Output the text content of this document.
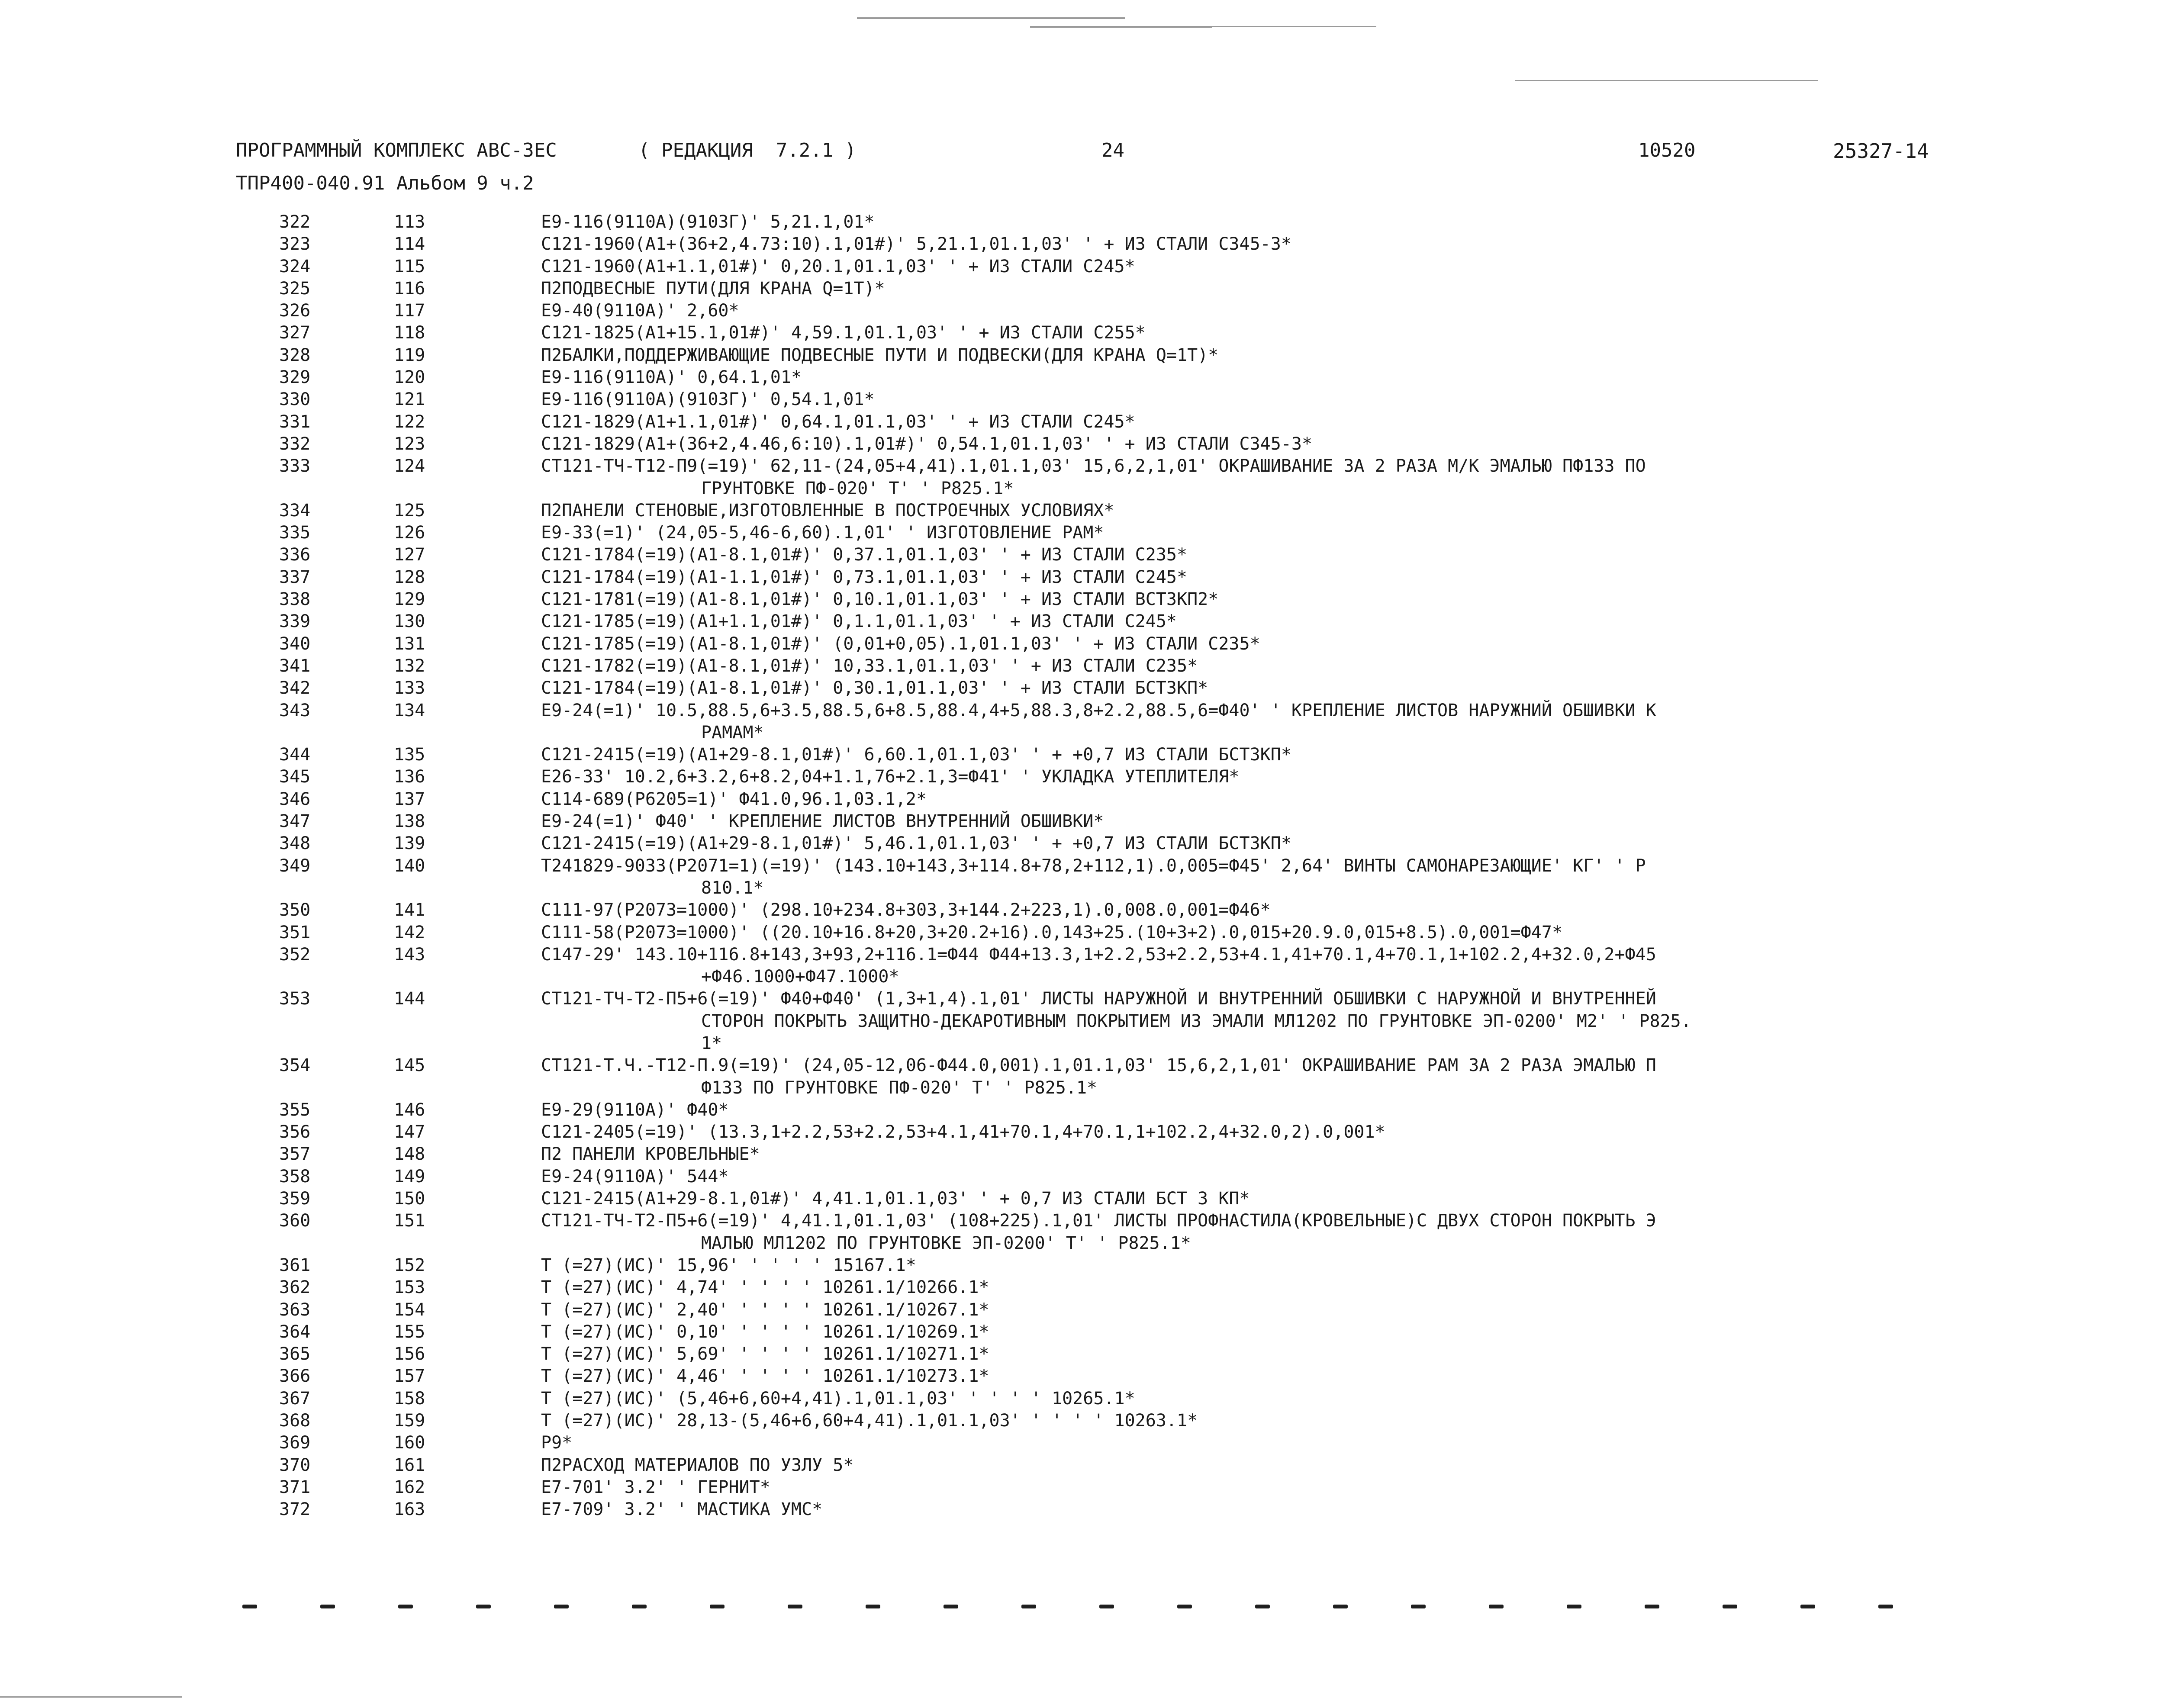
ПРОГРАММНЫЙ КОМПЛЕКС АВС-3ЕС	( РЕДАКЦИЯ  7.2.1 )	24	10520	25327-14
ТПР400-040.91 Альбом 9 ч.2
322	113	Е9-116(9110А)(9103Г)' 5,21.1,01*
323	114	С121-1960(А1+(36+2,4.73:10).1,01#)' 5,21.1,01.1,03' ' + ИЗ СТАЛИ С345-3*
324	115	С121-1960(А1+1.1,01#)' 0,20.1,01.1,03' ' + ИЗ СТАЛИ С245*
325	116	П2ПОДВЕСНЫЕ ПУТИ(ДЛЯ КРАНА Q=1Т)*
326	117	Е9-40(9110А)' 2,60*
327	118	С121-1825(А1+15.1,01#)' 4,59.1,01.1,03' ' + ИЗ СТАЛИ С255*
328	119	П2БАЛКИ,ПОДДЕРЖИВАЮЩИЕ ПОДВЕСНЫЕ ПУТИ И ПОДВЕСКИ(ДЛЯ КРАНА Q=1Т)*
329	120	Е9-116(9110А)' 0,64.1,01*
330	121	Е9-116(9110А)(9103Г)' 0,54.1,01*
331	122	С121-1829(А1+1.1,01#)' 0,64.1,01.1,03' ' + ИЗ СТАЛИ С245*
332	123	С121-1829(А1+(36+2,4.46,6:10).1,01#)' 0,54.1,01.1,03' ' + ИЗ СТАЛИ С345-3*
333	124	СТ121-ТЧ-Т12-П9(=19)' 62,11-(24,05+4,41).1,01.1,03' 15,6,2,1,01' ОКРАШИВАНИЕ ЗА 2 РАЗА М/К ЭМАЛЬЮ ПФ133 ПО
ГРУНТОВКЕ ПФ-020' Т' ' Р825.1*
334	125	П2ПАНЕЛИ СТЕНОВЫЕ,ИЗГОТОВЛЕННЫЕ В ПОСТРОЕЧНЫХ УСЛОВИЯХ*
335	126	Е9-33(=1)' (24,05-5,46-6,60).1,01' ' ИЗГОТОВЛЕНИЕ РАМ*
336	127	С121-1784(=19)(А1-8.1,01#)' 0,37.1,01.1,03' ' + ИЗ СТАЛИ С235*
337	128	С121-1784(=19)(А1-1.1,01#)' 0,73.1,01.1,03' ' + ИЗ СТАЛИ С245*
338	129	С121-1781(=19)(А1-8.1,01#)' 0,10.1,01.1,03' ' + ИЗ СТАЛИ ВСТ3КП2*
339	130	С121-1785(=19)(А1+1.1,01#)' 0,1.1,01.1,03' ' + ИЗ СТАЛИ С245*
340	131	С121-1785(=19)(А1-8.1,01#)' (0,01+0,05).1,01.1,03' ' + ИЗ СТАЛИ С235*
341	132	С121-1782(=19)(А1-8.1,01#)' 10,33.1,01.1,03' ' + ИЗ СТАЛИ С235*
342	133	С121-1784(=19)(А1-8.1,01#)' 0,30.1,01.1,03' ' + ИЗ СТАЛИ БСТ3КП*
343	134	Е9-24(=1)' 10.5,88.5,6+3.5,88.5,6+8.5,88.4,4+5,88.3,8+2.2,88.5,6=Ф40' ' КРЕПЛЕНИЕ ЛИСТОВ НАРУЖНИЙ ОБШИВКИ К
РАМАМ*
344	135	С121-2415(=19)(А1+29-8.1,01#)' 6,60.1,01.1,03' ' + +0,7 ИЗ СТАЛИ БСТ3КП*
345	136	Е26-33' 10.2,6+3.2,6+8.2,04+1.1,76+2.1,3=Ф41' ' УКЛАДКА УТЕПЛИТЕЛЯ*
346	137	С114-689(Р6205=1)' Ф41.0,96.1,03.1,2*
347	138	Е9-24(=1)' Ф40' ' КРЕПЛЕНИЕ ЛИСТОВ ВНУТРЕННИЙ ОБШИВКИ*
348	139	С121-2415(=19)(А1+29-8.1,01#)' 5,46.1,01.1,03' ' + +0,7 ИЗ СТАЛИ БСТ3КП*
349	140	Т241829-9033(Р2071=1)(=19)' (143.10+143,3+114.8+78,2+112,1).0,005=Ф45' 2,64' ВИНТЫ САМОНАРЕЗАЮЩИЕ' КГ' ' Р
810.1*
350	141	С111-97(Р2073=1000)' (298.10+234.8+303,3+144.2+223,1).0,008.0,001=Ф46*
351	142	С111-58(Р2073=1000)' ((20.10+16.8+20,3+20.2+16).0,143+25.(10+3+2).0,015+20.9.0,015+8.5).0,001=Ф47*
352	143	С147-29' 143.10+116.8+143,3+93,2+116.1=Ф44 Ф44+13.3,1+2.2,53+2.2,53+4.1,41+70.1,4+70.1,1+102.2,4+32.0,2+Ф45
+Ф46.1000+Ф47.1000*
353	144	СТ121-ТЧ-Т2-П5+6(=19)' Ф40+Ф40' (1,3+1,4).1,01' ЛИСТЫ НАРУЖНОЙ И ВНУТРЕННИЙ ОБШИВКИ С НАРУЖНОЙ И ВНУТРЕННЕЙ
СТОРОН ПОКРЫТЬ ЗАЩИТНО-ДЕКАРОТИВНЫМ ПОКРЫТИЕМ ИЗ ЭМАЛИ МЛ1202 ПО ГРУНТОВКЕ ЭП-0200' М2' ' Р825.
1*
354	145	СТ121-Т.Ч.-Т12-П.9(=19)' (24,05-12,06-Ф44.0,001).1,01.1,03' 15,6,2,1,01' ОКРАШИВАНИЕ РАМ ЗА 2 РАЗА ЭМАЛЬЮ П
Ф133 ПО ГРУНТОВКЕ ПФ-020' Т' ' Р825.1*
355	146	Е9-29(9110А)' Ф40*
356	147	С121-2405(=19)' (13.3,1+2.2,53+2.2,53+4.1,41+70.1,4+70.1,1+102.2,4+32.0,2).0,001*
357	148	П2 ПАНЕЛИ КРОВЕЛЬНЫЕ*
358	149	Е9-24(9110А)' 544*
359	150	С121-2415(А1+29-8.1,01#)' 4,41.1,01.1,03' ' + 0,7 ИЗ СТАЛИ БСТ 3 КП*
360	151	СТ121-ТЧ-Т2-П5+6(=19)' 4,41.1,01.1,03' (108+225).1,01' ЛИСТЫ ПРОФНАСТИЛА(КРОВЕЛЬНЫЕ)С ДВУХ СТОРОН ПОКРЫТЬ Э
МАЛЬЮ МЛ1202 ПО ГРУНТОВКЕ ЭП-0200' Т' ' Р825.1*
361	152	Т (=27)(ИС)' 15,96' ' ' ' ' 15167.1*
362	153	Т (=27)(ИС)' 4,74' ' ' ' ' 10261.1/10266.1*
363	154	Т (=27)(ИС)' 2,40' ' ' ' ' 10261.1/10267.1*
364	155	Т (=27)(ИС)' 0,10' ' ' ' ' 10261.1/10269.1*
365	156	Т (=27)(ИС)' 5,69' ' ' ' ' 10261.1/10271.1*
366	157	Т (=27)(ИС)' 4,46' ' ' ' ' 10261.1/10273.1*
367	158	Т (=27)(ИС)' (5,46+6,60+4,41).1,01.1,03' ' ' ' ' 10265.1*
368	159	Т (=27)(ИС)' 28,13-(5,46+6,60+4,41).1,01.1,03' ' ' ' ' 10263.1*
369	160	Р9*
370	161	П2РАСХОД МАТЕРИАЛОВ ПО УЗЛУ 5*
371	162	Е7-701' 3.2' ' ГЕРНИТ*
372	163	Е7-709' 3.2' ' МАСТИКА УМС*
